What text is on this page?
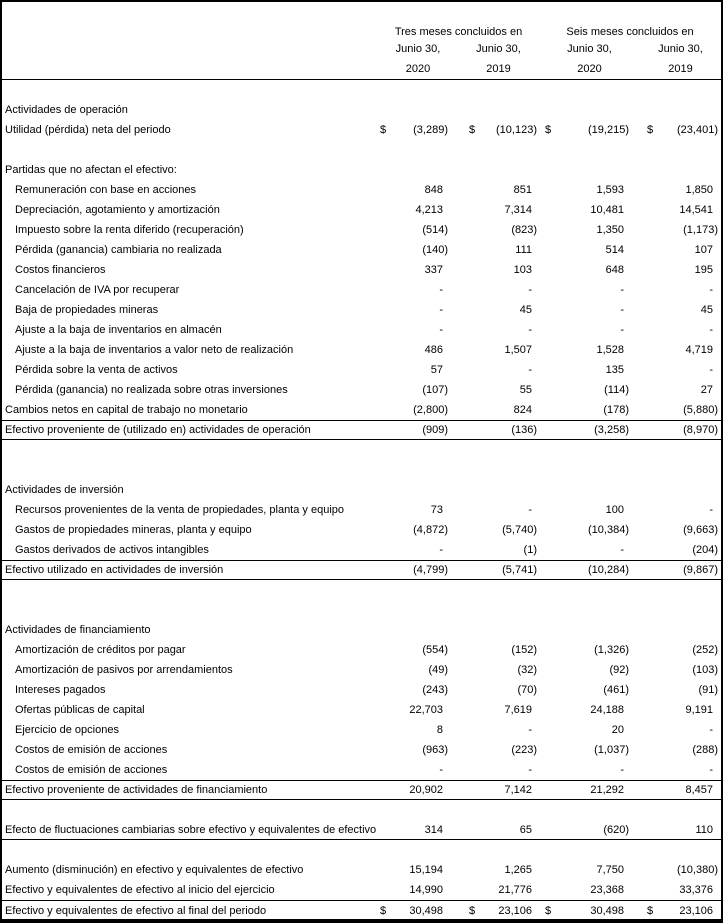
Tres meses concluidos en	Seis meses concluidos en
Junio 30,	Junio 30,	Junio 30,	Junio 30,
2020	2019	2020	2019
Actividades de operación
Utilidad (pérdida) neta del periodo	$	(3,289) $	(10,123) $	(19,215) $	(23,401)
Partidas que no afectan el efectivo:
Remuneración con base en acciones	848	851	1,593	1,850
Depreciación, agotamiento y amortización	4,213	7,314	10,481	14,541
Impuesto sobre la renta diferido (recuperación)	(514)	(823)	1,350	(1,173)
Pérdida (ganancia) cambiaria no realizada	(140)	111	514	107
Costos financieros	337	103	648	195
Cancelación de IVA por recuperar	-	-	-	-
Baja de propiedades mineras	-	45	-	45
Ajuste a la baja de inventarios en almacén	-	-	-	-
Ajuste a la baja de inventarios a valor neto de realización	486	1,507	1,528	4,719
Pérdida sobre la venta de activos	57	-	135	-
Pérdida (ganancia) no realizada sobre otras inversiones	(107)	55	(114)	27
Cambios netos en capital de trabajo no monetario	(2,800)	824	(178)	(5,880)
Efectivo proveniente de (utilizado en) actividades de operación	(909)	(136)	(3,258)	(8,970)
Actividades de inversión
Recursos provenientes de la venta de propiedades, planta y equipo	73	-	100	-
Gastos de propiedades mineras, planta y equipo	(4,872)	(5,740)	(10,384)	(9,663)
Gastos derivados de activos intangibles	-	(1)	-	(204)
Efectivo utilizado en actividades de inversión	(4,799)	(5,741)	(10,284)	(9,867)
Actividades de financiamiento
Amortización de créditos por pagar	(554)	(152)	(1,326)	(252)
Amortización de pasivos por arrendamientos	(49)	(32)	(92)	(103)
Intereses pagados	(243)	(70)	(461)	(91)
Ofertas públicas de capital	22,703	7,619	24,188	9,191
Ejercicio de opciones	8	-	20	-
Costos de emisión de acciones	(963)	(223)	(1,037)	(288)
Costos de emisión de acciones	-	-	-	-
Efectivo proveniente de actividades de financiamiento	20,902	7,142	21,292	8,457
Efecto de fluctuaciones cambiarias sobre efectivo y equivalentes de efectivo	314	65	(620)	110
Aumento (disminución) en efectivo y equivalentes de efectivo	15,194	1,265	7,750	(10,380)
Efectivo y equivalentes de efectivo al inicio del ejercicio	14,990	21,776	23,368	33,376
Efectivo y equivalentes de efectivo al final del periodo	$	30,498	$	23,106	$	30,498	$	23,106
